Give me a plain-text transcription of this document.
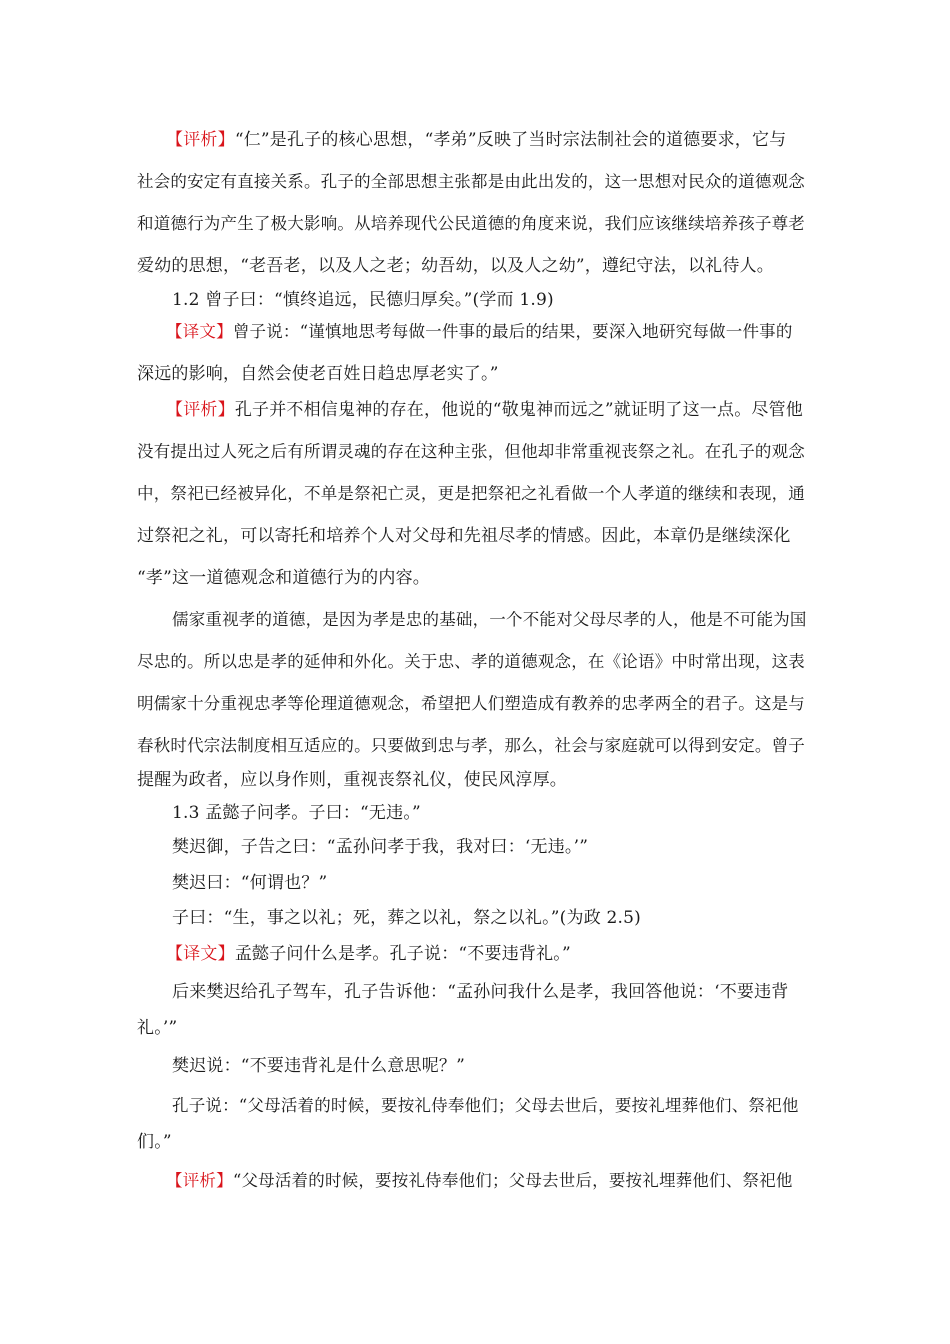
【评析】“仁”是孔子的核心思想，“孝弟”反映了当时宗法制社会的道德要求，它与
社会的安定有直接关系。孔子的全部思想主张都是由此出发的，这一思想对民众的道德观念
和道德行为产生了极大影响。从培养现代公民道德的角度来说，我们应该继续培养孩子尊老
爱幼的思想，“老吾老，以及人之老；幼吾幼，以及人之幼”，遵纪守法，以礼待人。
1.2 曾子曰：“慎终追远，民德归厚矣。”(学而 1.9)
【译文】曾子说：“谨慎地思考每做一件事的最后的结果，要深入地研究每做一件事的
深远的影响，自然会使老百姓日趋忠厚老实了。”
【评析】孔子并不相信鬼神的存在，他说的“敬鬼神而远之”就证明了这一点。尽管他
没有提出过人死之后有所谓灵魂的存在这种主张，但他却非常重视丧祭之礼。在孔子的观念
中，祭祀已经被异化，不单是祭祀亡灵，更是把祭祀之礼看做一个人孝道的继续和表现，通
过祭祀之礼，可以寄托和培养个人对父母和先祖尽孝的情感。因此，本章仍是继续深化
“孝”这一道德观念和道德行为的内容。
儒家重视孝的道德，是因为孝是忠的基础，一个不能对父母尽孝的人，他是不可能为国
尽忠的。所以忠是孝的延伸和外化。关于忠、孝的道德观念，在《论语》中时常出现，这表
明儒家十分重视忠孝等伦理道德观念，希望把人们塑造成有教养的忠孝两全的君子。这是与
春秋时代宗法制度相互适应的。只要做到忠与孝，那么，社会与家庭就可以得到安定。曾子
提醒为政者，应以身作则，重视丧祭礼仪，使民风淳厚。
1.3 孟懿子问孝。子曰：“无违。”
樊迟御，子告之曰：“孟孙问孝于我，我对曰：‘无违。’”
樊迟曰：“何谓也？”
子曰：“生，事之以礼；死，葬之以礼，祭之以礼。”(为政 2.5)
【译文】孟懿子问什么是孝。孔子说：“不要违背礼。”
后来樊迟给孔子驾车，孔子告诉他：“孟孙问我什么是孝，我回答他说：‘不要违背
礼。’”
樊迟说：“不要违背礼是什么意思呢？”
孔子说：“父母活着的时候，要按礼侍奉他们；父母去世后，要按礼埋葬他们、祭祀他
们。”
【评析】“父母活着的时候，要按礼侍奉他们；父母去世后，要按礼埋葬他们、祭祀他
